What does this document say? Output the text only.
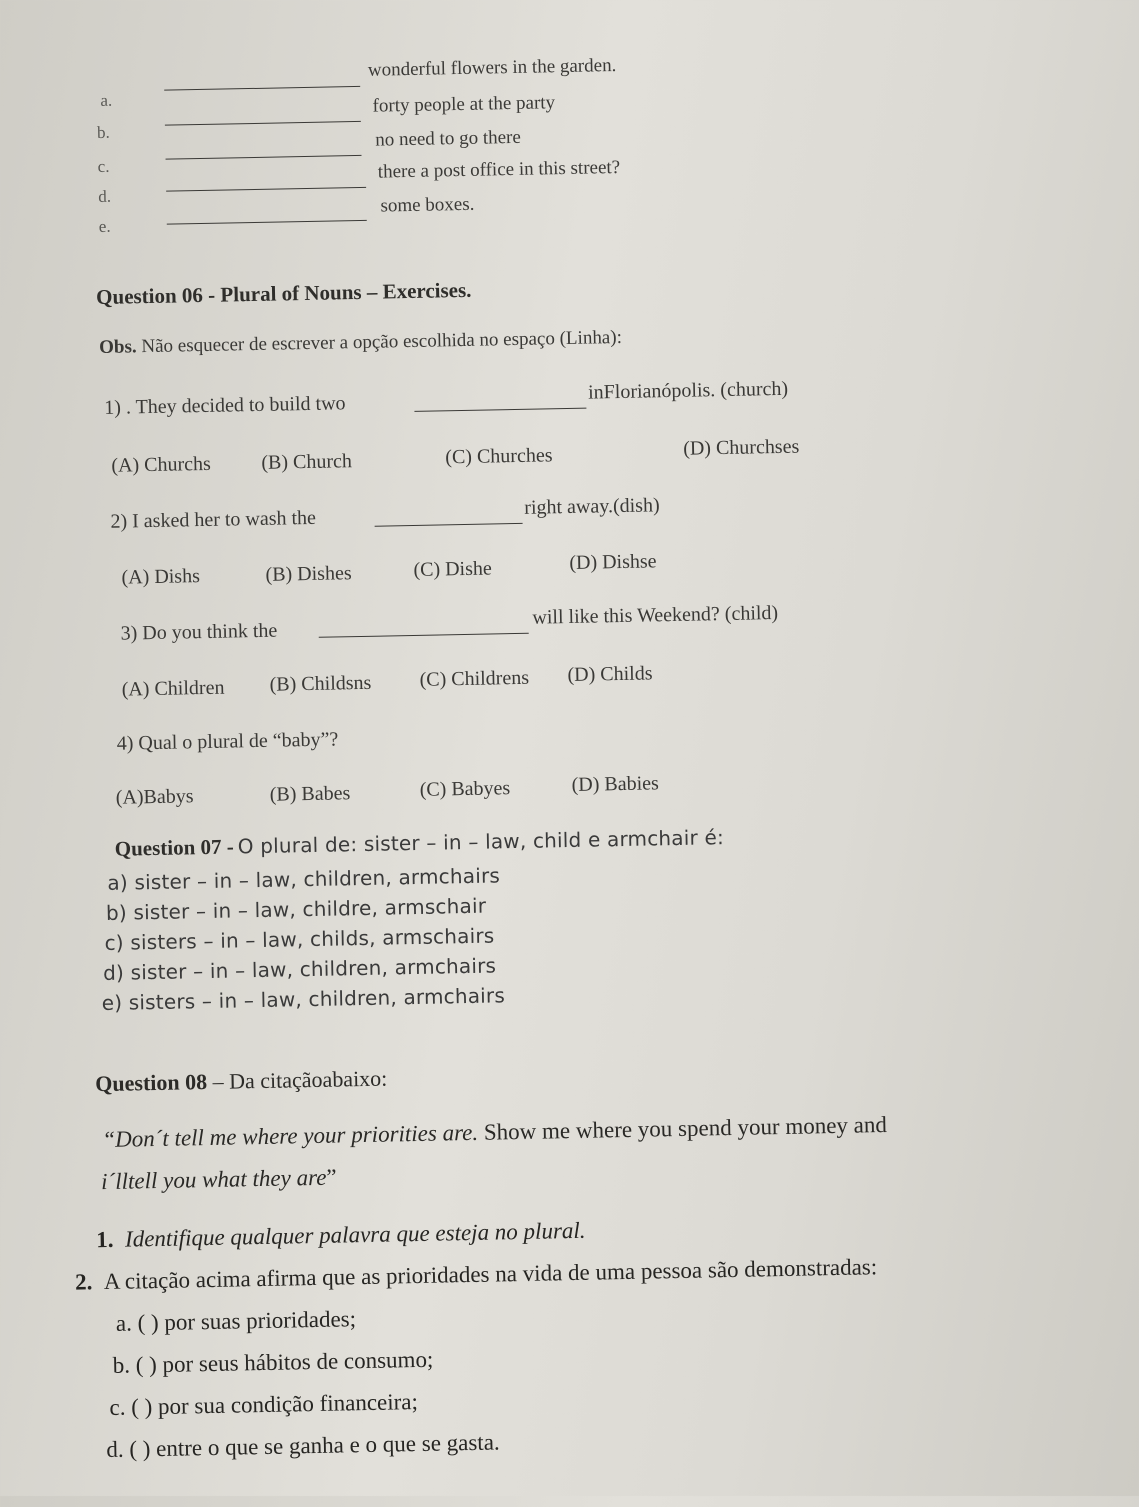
a.
wonderful flowers in the garden.
b.
forty people at the party
c.
no need to go there
d.
there a post office in this street?
e.
some boxes.
Question 06 - Plural of Nouns – Exercises.
Obs. Não esquecer de escrever a opção escolhida no espaço (Linha):
1) . They decided to build two
inFlorianópolis. (church)
(A) Churchs	(B) Church	(C) Churches	(D) Churchses
2) I asked her to wash the
right away.(dish)
(A) Dishs	(B) Dishes	(C) Dishe	(D) Dishse
3) Do you think the
will like this Weekend? (child)
(A) Children (B) Childsns (C) Childrens (D) Childs
4) Qual o plural de “baby”?
(A)Babys	(B) Babes	(C) Babyes	(D) Babies
Question 07 - O plural de: sister – in – law, child e armchair é:
a) sister – in – law, children, armchairs
b) sister – in – law, childre, armschair
c) sisters – in – law, childs, armschairs
d) sister – in – law, children, armchairs
e) sisters – in – law, children, armchairs
Question 08 – Da citaçãoabaixo:
“Don´t tell me where your priorities are. Show me where you spend your money and
i´lltell you what they are”
1. Identifique qualquer palavra que esteja no plural.
2. A citação acima afirma que as prioridades na vida de uma pessoa são demonstradas:
a. ( ) por suas prioridades;
b. ( ) por seus hábitos de consumo;
c. ( ) por sua condição financeira;
d. ( ) entre o que se ganha e o que se gasta.
